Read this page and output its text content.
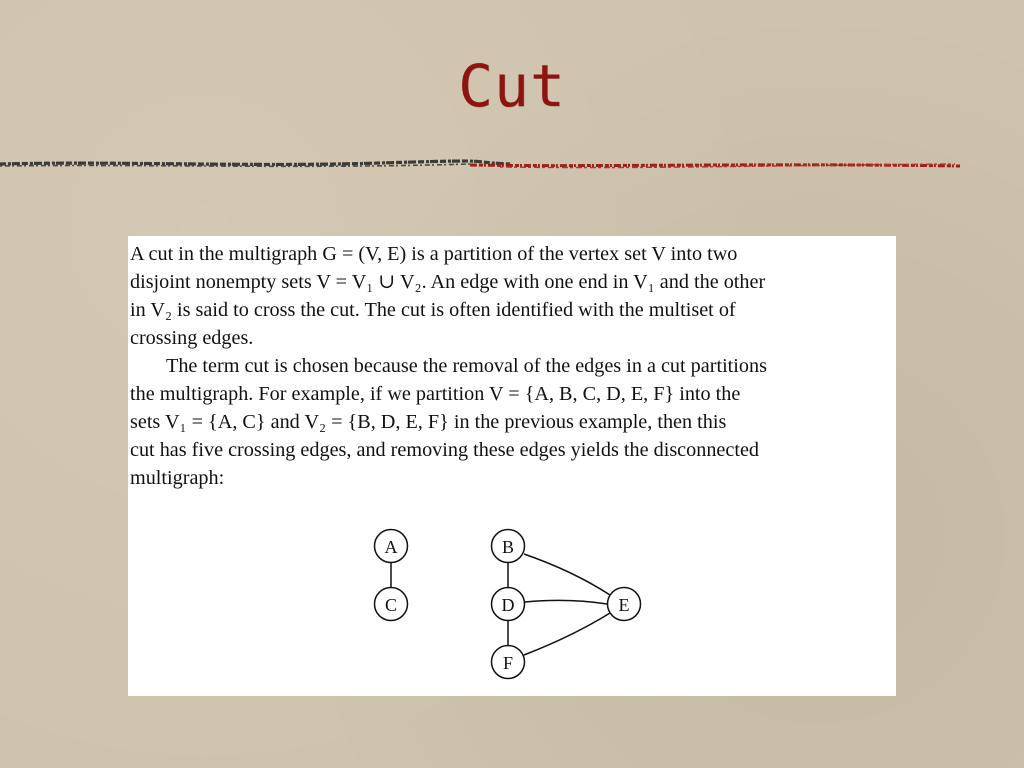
Cut

A cut in the multigraph G = (V, E) is a partition of the vertex set V into two
disjoint nonempty sets V = V₁ ∪ V₂. An edge with one end in V₁ and the other
in V₂ is said to cross the cut. The cut is often identified with the multiset of
crossing edges.

The term cut is chosen because the removal of the edges in a cut partitions
the multigraph. For example, if we partition V = {A, B, C, D, E, F} into the
sets V₁ = {A, C} and V₂ = {B, D, E, F} in the previous example, then this
cut has five crossing edges, and removing these edges yields the disconnected
multigraph:

A	B
C	D	E
F
